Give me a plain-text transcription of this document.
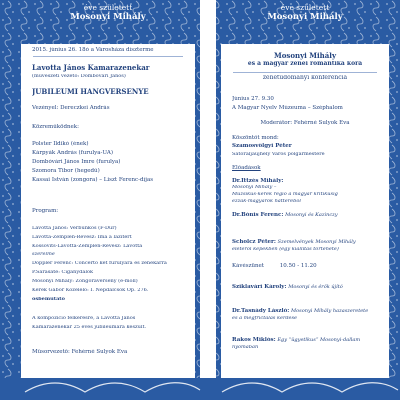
éve született
Mosonyi Mihály
éve született
Mosonyi Mihály
2015. június 26. 18ó a Városháza díszterme
Lavotta János Kamarazenekar
(művészeti vezető: Dombóvári János)
JUBILEUMI HANGVERSENYE
Vezényel: Dereczkei András
Közreműködnek:
Polster Ildikó (ének)
Kárpyák András (furulya-UA)
Dombóvári János Imre (furulya)
Szomora Tibor (hegedű)
Kassai István (zongora) – Liszt Ferenc-díjas
Program:
Lavotta János: Verbunkos (F-Dúr)
Lavotta-Zemplén-Révész: Ima a lazitért
Kossovits-Lavotta-Zemplén-Révész: Lavotta
szerelme
Doppler Ferenc: Concerto két furulyára és zenekarra
P.Sarasate: Cigánydalok
Mosonyi Mihály: Zongoraverseny (e-moll)
Kerek Gábor Közelelő: I. Nepdalcsok Op. 276.
ősbemutató
A kompozíció felkérésre, a Lavotta János
Kamarazenekar 25 éves jubileumára készült.
Műsorvezető: Fehérné Sulyok Éva
Mosonyi Mihály
és a magyar zenei romantika kora
zenetudományi konferencia
Június 27. 9.30
A Magyar Nyelv Múzeuma – Széphalom
Moderátor: Fehérné Sulyok Éva
Köszöntőt mond:
Szamosvölgyi Péter
Sátoraljaújhely Város polgármestere
Előadások
Dr.Ittzés Mihály:
Mosonyi Mihály –
Muzsikus-kerék régió a magyar kritikusig
ezzák-magyarok hátteréből
Dr.Bónis Ferenc: Mosonyi és Kazinczy
Scholcz Péter: Szemelvények Mosonyi Mihály
életéről képekben (egy kiállítás története)
Kávészünet	10.50 - 11.20
Sziklavári Károly: Mosonyi és érök újító
Dr.Tasnády László: Mosonyi Mihály hazaszeretete
és a megfrictalás kérdése
Rakos Miklós: Egy “ügyetlkus” Mosonyi-dallam
nyomában
